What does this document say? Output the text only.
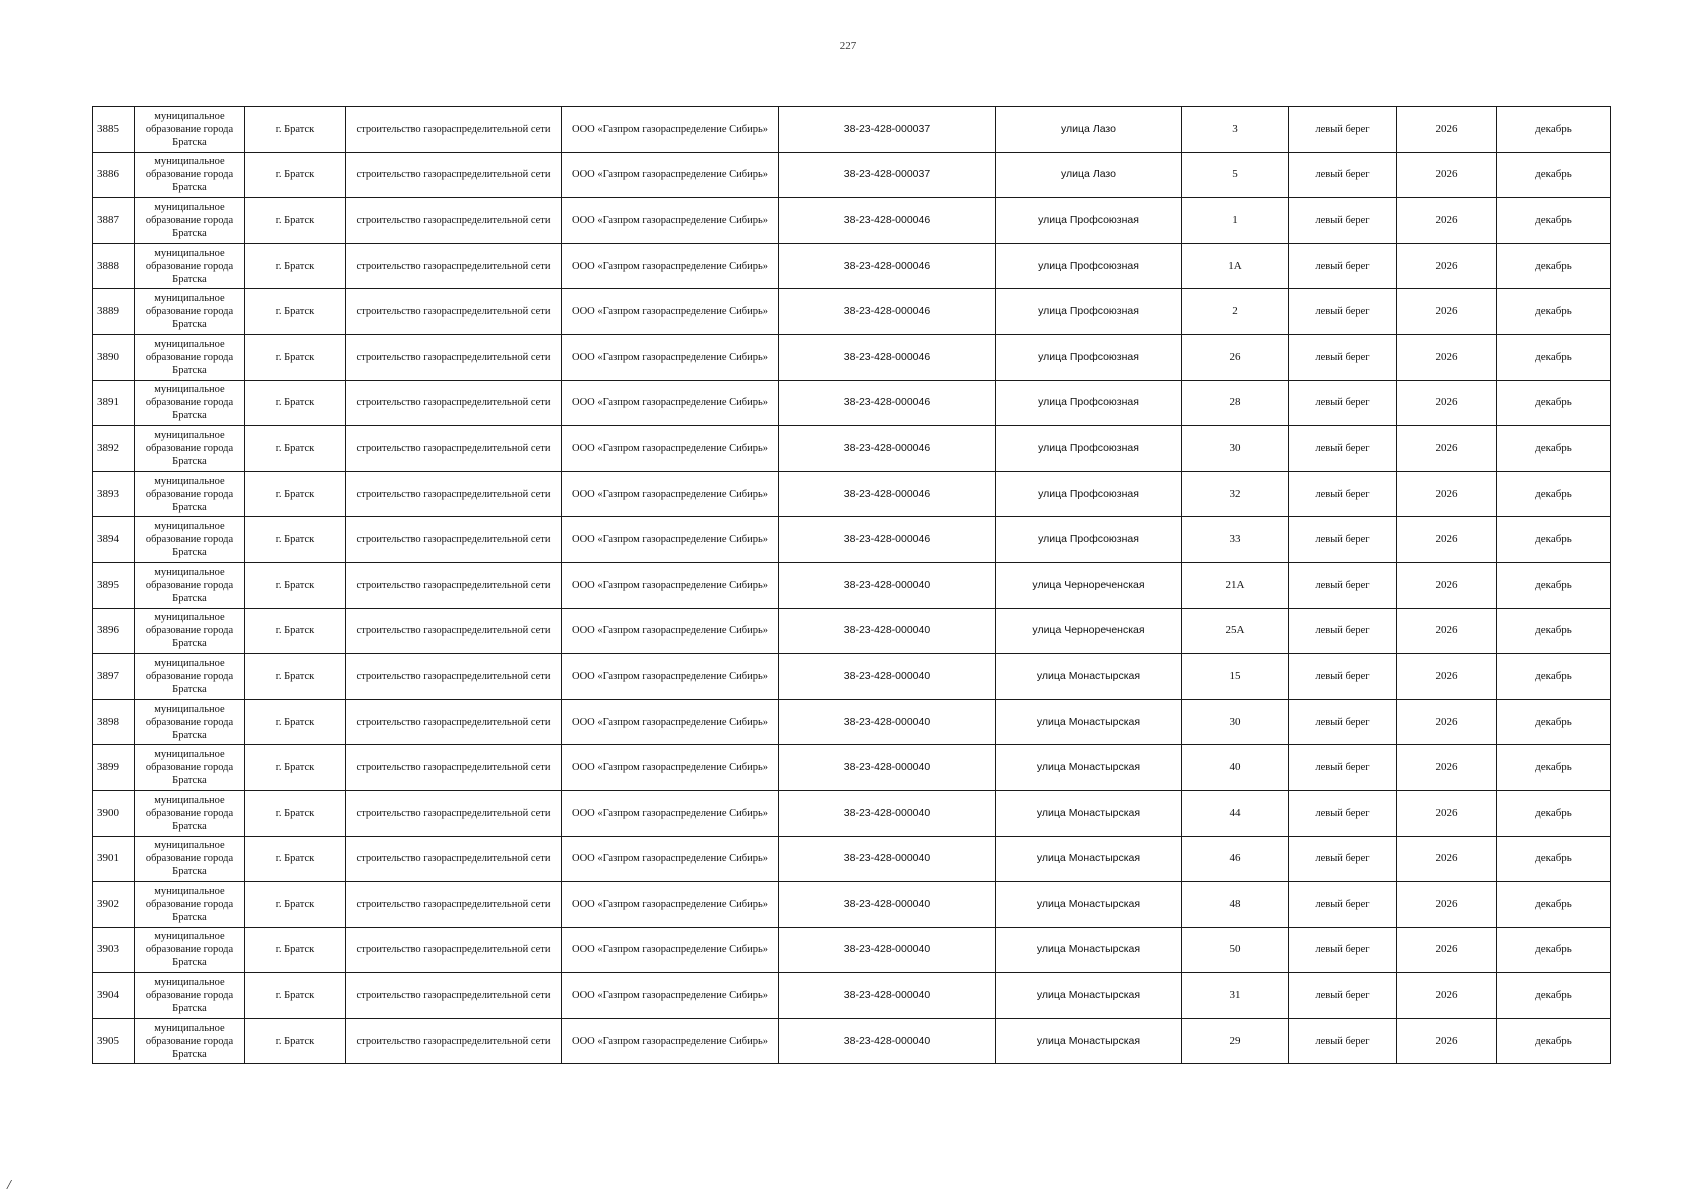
227
3885	муниципальное образование города Братска	г. Братск	строительство газораспределительной сети	ООО «Газпром газораспределение Сибирь»	38-23-428-000037	улица Лазо	3	левый берег	2026	декабрь
3886	муниципальное образование города Братска	г. Братск	строительство газораспределительной сети	ООО «Газпром газораспределение Сибирь»	38-23-428-000037	улица Лазо	5	левый берег	2026	декабрь
3887	муниципальное образование города Братска	г. Братск	строительство газораспределительной сети	ООО «Газпром газораспределение Сибирь»	38-23-428-000046	улица Профсоюзная	1	левый берег	2026	декабрь
3888	муниципальное образование города Братска	г. Братск	строительство газораспределительной сети	ООО «Газпром газораспределение Сибирь»	38-23-428-000046	улица Профсоюзная	1А	левый берег	2026	декабрь
3889	муниципальное образование города Братска	г. Братск	строительство газораспределительной сети	ООО «Газпром газораспределение Сибирь»	38-23-428-000046	улица Профсоюзная	2	левый берег	2026	декабрь
3890	муниципальное образование города Братска	г. Братск	строительство газораспределительной сети	ООО «Газпром газораспределение Сибирь»	38-23-428-000046	улица Профсоюзная	26	левый берег	2026	декабрь
3891	муниципальное образование города Братска	г. Братск	строительство газораспределительной сети	ООО «Газпром газораспределение Сибирь»	38-23-428-000046	улица Профсоюзная	28	левый берег	2026	декабрь
3892	муниципальное образование города Братска	г. Братск	строительство газораспределительной сети	ООО «Газпром газораспределение Сибирь»	38-23-428-000046	улица Профсоюзная	30	левый берег	2026	декабрь
3893	муниципальное образование города Братска	г. Братск	строительство газораспределительной сети	ООО «Газпром газораспределение Сибирь»	38-23-428-000046	улица Профсоюзная	32	левый берег	2026	декабрь
3894	муниципальное образование города Братска	г. Братск	строительство газораспределительной сети	ООО «Газпром газораспределение Сибирь»	38-23-428-000046	улица Профсоюзная	33	левый берег	2026	декабрь
3895	муниципальное образование города Братска	г. Братск	строительство газораспределительной сети	ООО «Газпром газораспределение Сибирь»	38-23-428-000040	улица Чернореченская	21А	левый берег	2026	декабрь
3896	муниципальное образование города Братска	г. Братск	строительство газораспределительной сети	ООО «Газпром газораспределение Сибирь»	38-23-428-000040	улица Чернореченская	25А	левый берег	2026	декабрь
3897	муниципальное образование города Братска	г. Братск	строительство газораспределительной сети	ООО «Газпром газораспределение Сибирь»	38-23-428-000040	улица Монастырская	15	левый берег	2026	декабрь
3898	муниципальное образование города Братска	г. Братск	строительство газораспределительной сети	ООО «Газпром газораспределение Сибирь»	38-23-428-000040	улица Монастырская	30	левый берег	2026	декабрь
3899	муниципальное образование города Братска	г. Братск	строительство газораспределительной сети	ООО «Газпром газораспределение Сибирь»	38-23-428-000040	улица Монастырская	40	левый берег	2026	декабрь
3900	муниципальное образование города Братска	г. Братск	строительство газораспределительной сети	ООО «Газпром газораспределение Сибирь»	38-23-428-000040	улица Монастырская	44	левый берег	2026	декабрь
3901	муниципальное образование города Братска	г. Братск	строительство газораспределительной сети	ООО «Газпром газораспределение Сибирь»	38-23-428-000040	улица Монастырская	46	левый берег	2026	декабрь
3902	муниципальное образование города Братска	г. Братск	строительство газораспределительной сети	ООО «Газпром газораспределение Сибирь»	38-23-428-000040	улица Монастырская	48	левый берег	2026	декабрь
3903	муниципальное образование города Братска	г. Братск	строительство газораспределительной сети	ООО «Газпром газораспределение Сибирь»	38-23-428-000040	улица Монастырская	50	левый берег	2026	декабрь
3904	муниципальное образование города Братска	г. Братск	строительство газораспределительной сети	ООО «Газпром газораспределение Сибирь»	38-23-428-000040	улица Монастырская	31	левый берег	2026	декабрь
3905	муниципальное образование города Братска	г. Братск	строительство газораспределительной сети	ООО «Газпром газораспределение Сибирь»	38-23-428-000040	улица Монастырская	29	левый берег	2026	декабрь
/
